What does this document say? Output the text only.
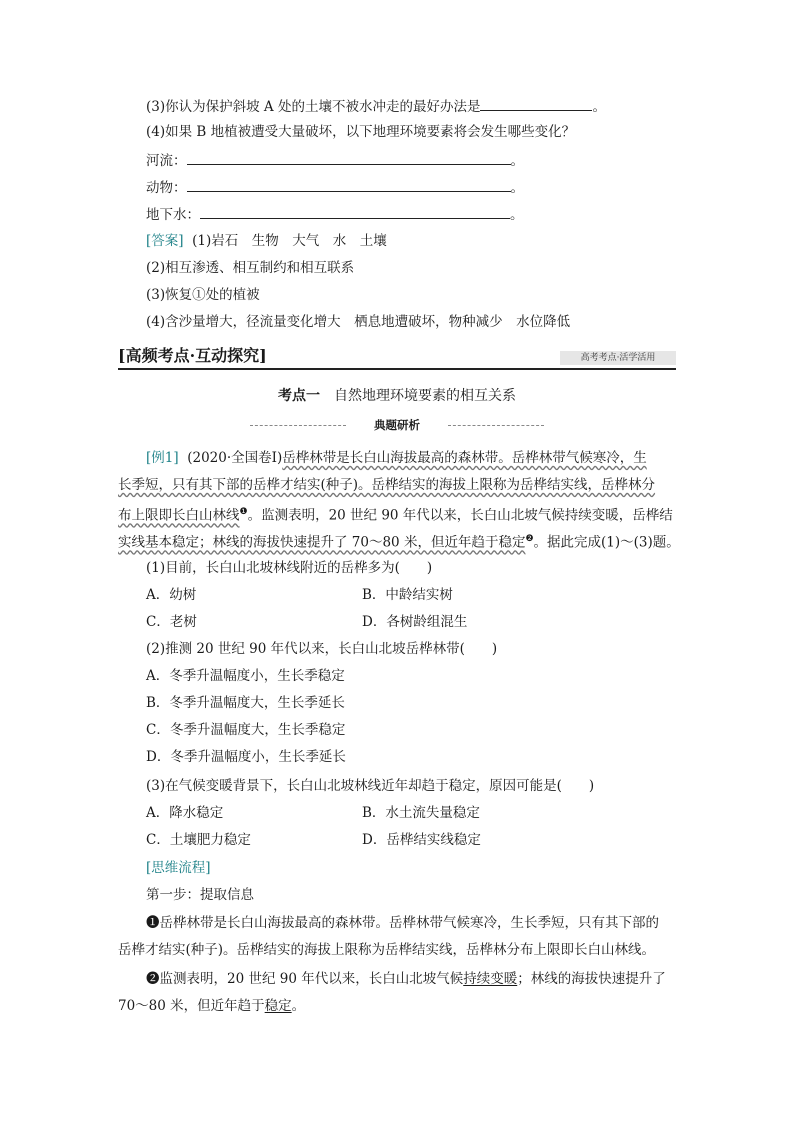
(3)你认为保护斜坡 A 处的土壤不被水冲走的最好办法是	。
(4)如果 B 地植被遭受大量破坏，以下地理环境要素将会发生哪些变化？
河流：	。
动物：	。
地下水：	。
[答案] (1)岩石　生物　大气　水　土壤
(2)相互渗透、相互制约和相互联系
(3)恢复①处的植被
(4)含沙量增大，径流量变化增大　栖息地遭破坏，物种减少　水位降低
[高频考点·互动探究]	高考考点·活学活用
考点一 自然地理环境要素的相互关系
典题研析
[例1] (2020·全国卷Ⅰ)岳桦林带是长白山海拔最高的森林带。岳桦林带气候寒冷，生
长季短，只有其下部的岳桦才结实(种子)。岳桦结实的海拔上限称为岳桦结实线，岳桦林分
布上限即长白山林线$^❶$。监测表明，20 世纪 90 年代以来，长白山北坡气候持续变暖，岳桦结
实线基本稳定；林线的海拔快速提升了 70～80 米，但近年趋于稳定$^❷$。据此完成(1)～(3)题。
(1)目前，长白山北坡林线附近的岳桦多为(　　)
A．幼树	B．中龄结实树
C．老树	D．各树龄组混生
(2)推测 20 世纪 90 年代以来，长白山北坡岳桦林带(　　)
A．冬季升温幅度小，生长季稳定
B．冬季升温幅度大，生长季延长
C．冬季升温幅度大，生长季稳定
D．冬季升温幅度小，生长季延长
(3)在气候变暖背景下，长白山北坡林线近年却趋于稳定，原因可能是(　　)
A．降水稳定	B．水土流失量稳定
C．土壤肥力稳定	D．岳桦结实线稳定
[思维流程]
第一步：提取信息
❶岳桦林带是长白山海拔最高的森林带。岳桦林带气候寒冷，生长季短，只有其下部的
岳桦才结实(种子)。岳桦结实的海拔上限称为岳桦结实线，岳桦林分布上限即长白山林线。
❷监测表明，20 世纪 90 年代以来，长白山北坡气候持续变暖；林线的海拔快速提升了
70～80 米，但近年趋于稳定。
